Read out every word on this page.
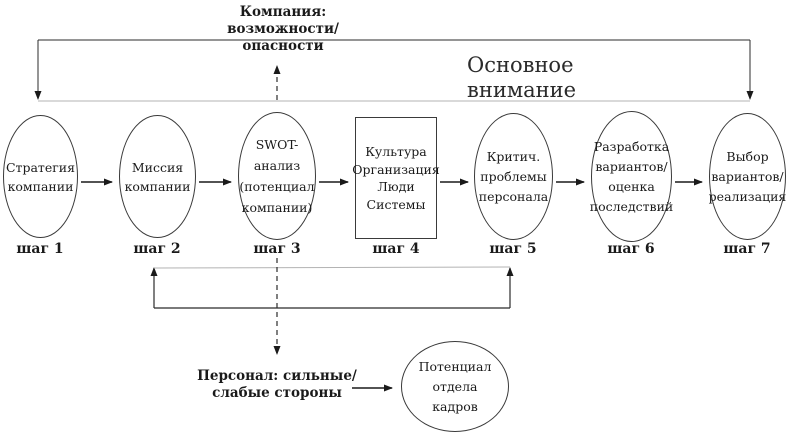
Компания:
возможности/опасности
Основное
внимание
Стратегия
компании
шаг 1
Миссия
компании
шаг 2
SWOT-
анализ
(потенциал
компании)
шаг 3
Культура
Организация
Люди
Системы
шаг 4
Критич.
проблемы
персонала
шаг 5
Разработка
вариантов/
оценка
последствий
шаг 6
Выбор
вариантов/
реализация
шаг 7
Персонал: сильные/
слабые стороны
Потенциал отдела
кадров
